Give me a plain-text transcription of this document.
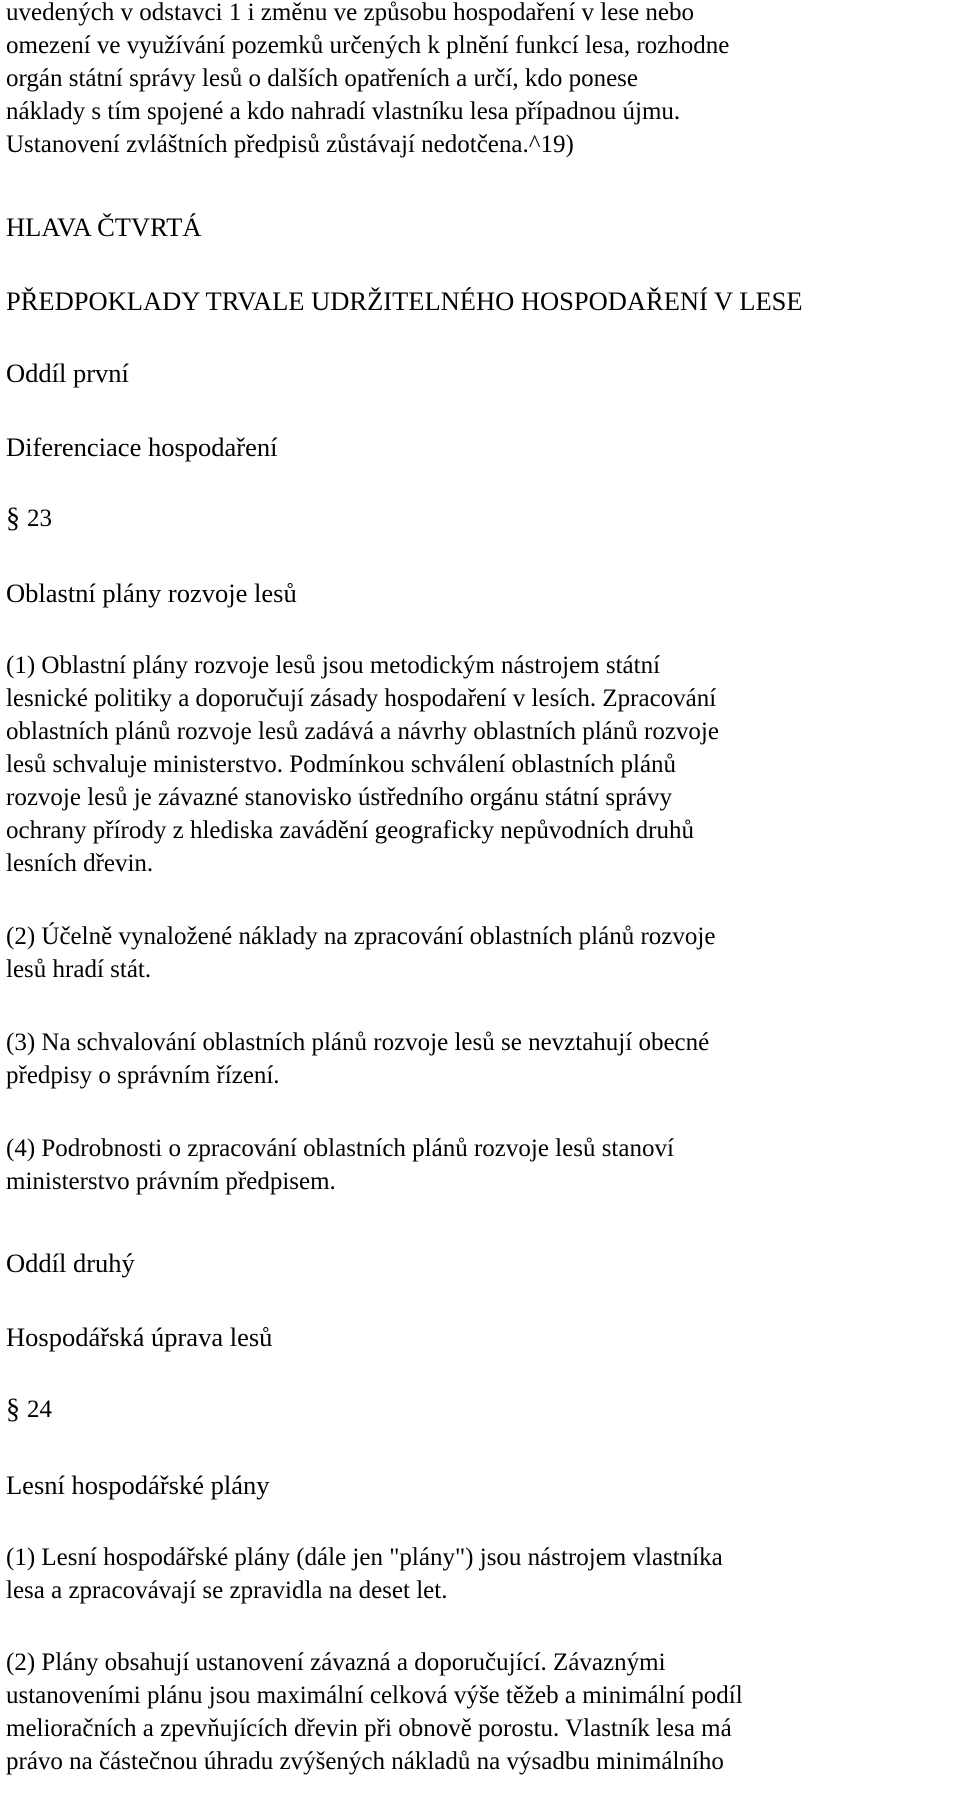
uvedených v odstavci 1 i změnu ve způsobu hospodaření v lese nebo
omezení ve využívání pozemků určených k plnění funkcí lesa, rozhodne
orgán státní správy lesů o dalších opatřeních a určí, kdo ponese
náklady s tím spojené a kdo nahradí vlastníku lesa případnou újmu.
Ustanovení zvláštních předpisů zůstávají nedotčena.^19)
HLAVA ČTVRTÁ
PŘEDPOKLADY TRVALE UDRŽITELNÉHO HOSPODAŘENÍ V LESE
Oddíl první
Diferenciace hospodaření
§ 23
Oblastní plány rozvoje lesů
(1) Oblastní plány rozvoje lesů jsou metodickým nástrojem státní
lesnické politiky a doporučují zásady hospodaření v lesích. Zpracování
oblastních plánů rozvoje lesů zadává a návrhy oblastních plánů rozvoje
lesů schvaluje ministerstvo. Podmínkou schválení oblastních plánů
rozvoje lesů je závazné stanovisko ústředního orgánu státní správy
ochrany přírody z hlediska zavádění geograficky nepůvodních druhů
lesních dřevin.
(2) Účelně vynaložené náklady na zpracování oblastních plánů rozvoje
lesů hradí stát.
(3) Na schvalování oblastních plánů rozvoje lesů se nevztahují obecné
předpisy o správním řízení.
(4) Podrobnosti o zpracování oblastních plánů rozvoje lesů stanoví
ministerstvo právním předpisem.
Oddíl druhý
Hospodářská úprava lesů
§ 24
Lesní hospodářské plány
(1) Lesní hospodářské plány (dále jen "plány") jsou nástrojem vlastníka
lesa a zpracovávají se zpravidla na deset let.
(2) Plány obsahují ustanovení závazná a doporučující. Závaznými
ustanoveními plánu jsou maximální celková výše těžeb a minimální podíl
melioračních a zpevňujících dřevin při obnově porostu. Vlastník lesa má
právo na částečnou úhradu zvýšených nákladů na výsadbu minimálního
